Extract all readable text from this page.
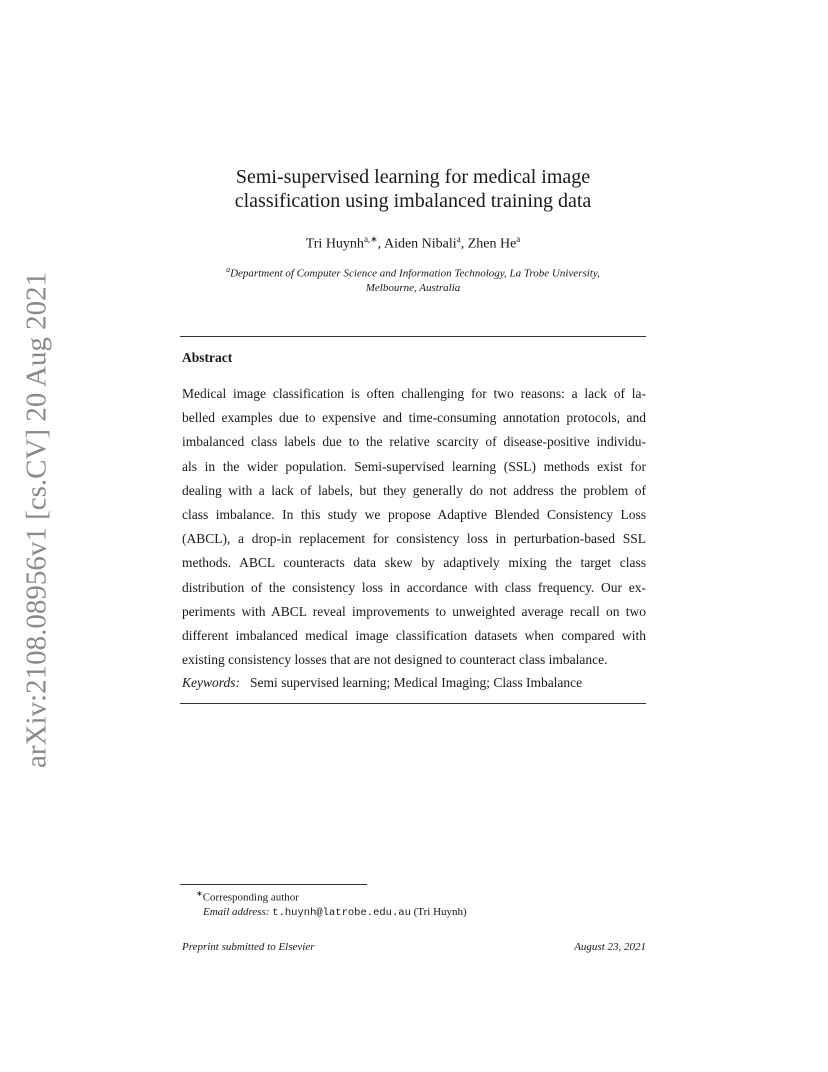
arXiv:2108.08956v1 [cs.CV] 20 Aug 2021
Semi-supervised learning for medical image
classification using imbalanced training data
Tri Huynh$^{a,∗}$, Aiden Nibali$^a$, Zhen He$^a$
$^a$Department of Computer Science and Information Technology, La Trobe University,
Melbourne, Australia
Abstract
Medical image classification is often challenging for two reasons: a lack of la-
belled examples due to expensive and time-consuming annotation protocols, and
imbalanced class labels due to the relative scarcity of disease-positive individu-
als in the wider population. Semi-supervised learning (SSL) methods exist for
dealing with a lack of labels, but they generally do not address the problem of
class imbalance. In this study we propose Adaptive Blended Consistency Loss
(ABCL), a drop-in replacement for consistency loss in perturbation-based SSL
methods. ABCL counteracts data skew by adaptively mixing the target class
distribution of the consistency loss in accordance with class frequency. Our ex-
periments with ABCL reveal improvements to unweighted average recall on two
different imbalanced medical image classification datasets when compared with
existing consistency losses that are not designed to counteract class imbalance.
Keywords: Semi supervised learning; Medical Imaging; Class Imbalance
∗Corresponding author
Email address: t.huynh@latrobe.edu.au (Tri Huynh)
Preprint submitted to Elsevier	August 23, 2021
